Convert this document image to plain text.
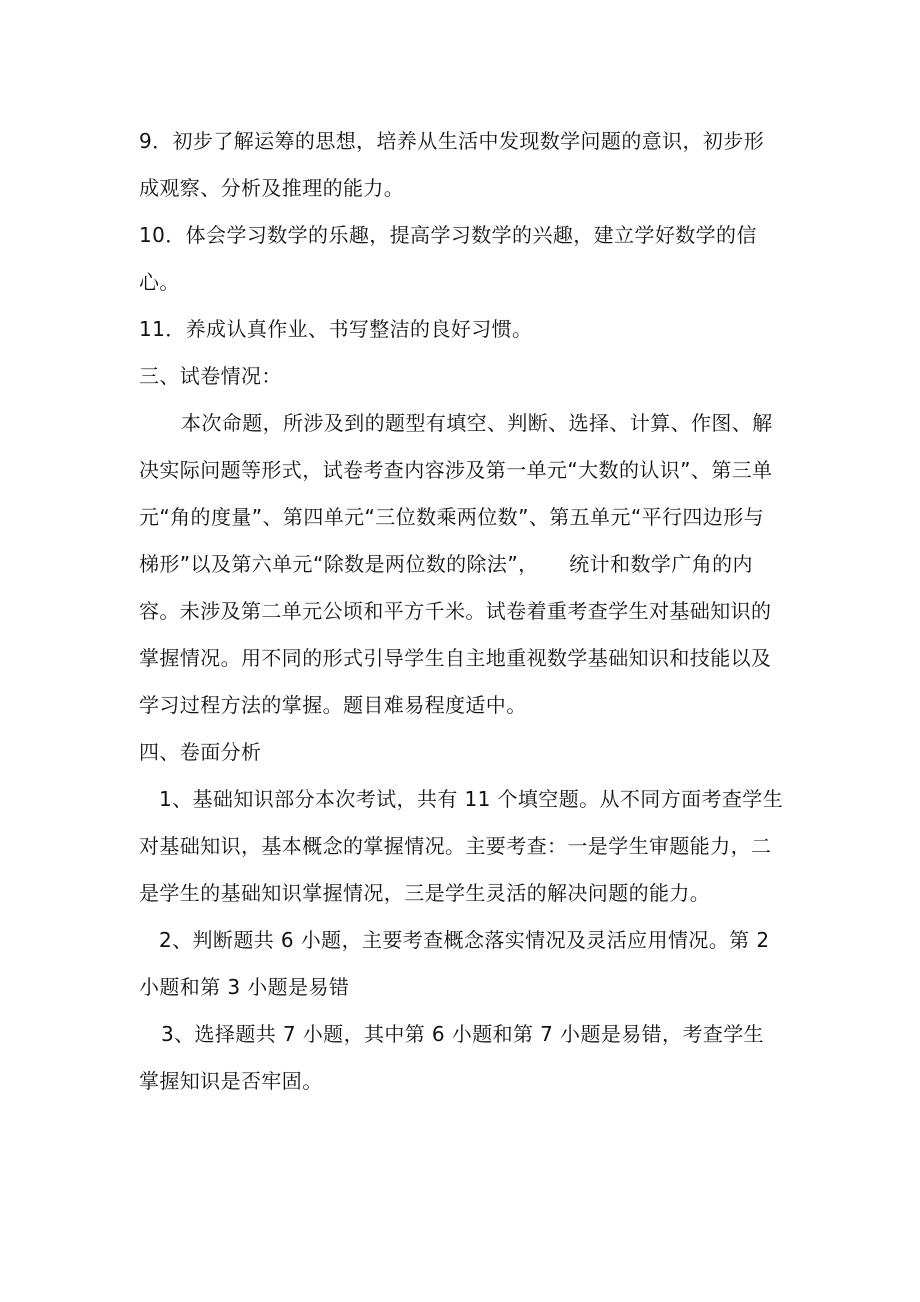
9．初步了解运筹的思想，培养从生活中发现数学问题的意识，初步形成观察、分析及推理的能力。

10．体会学习数学的乐趣，提高学习数学的兴趣，建立学好数学的信心。

11．养成认真作业、书写整洁的良好习惯。

三、试卷情况：

本次命题，所涉及到的题型有填空、判断、选择、计算、作图、解决实际问题等形式，试卷考查内容涉及第一单元“大数的认识”、第三单元“角的度量”、第四单元“三位数乘两位数”、第五单元“平行四边形与梯形”以及第六单元“除数是两位数的除法”，　　统计和数学广角的内容。未涉及第二单元公顷和平方千米。试卷着重考查学生对基础知识的掌握情况。用不同的形式引导学生自主地重视数学基础知识和技能以及学习过程方法的掌握。题目难易程度适中。

四、卷面分析

1、基础知识部分本次考试，共有 11 个填空题。从不同方面考查学生对基础知识，基本概念的掌握情况。主要考查：一是学生审题能力，二是学生的基础知识掌握情况，三是学生灵活的解决问题的能力。

2、判断题共 6 小题，主要考查概念落实情况及灵活应用情况。第 2 小题和第 3 小题是易错

3、选择题共 7 小题，其中第 6 小题和第 7 小题是易错，考查学生掌握知识是否牢固。
